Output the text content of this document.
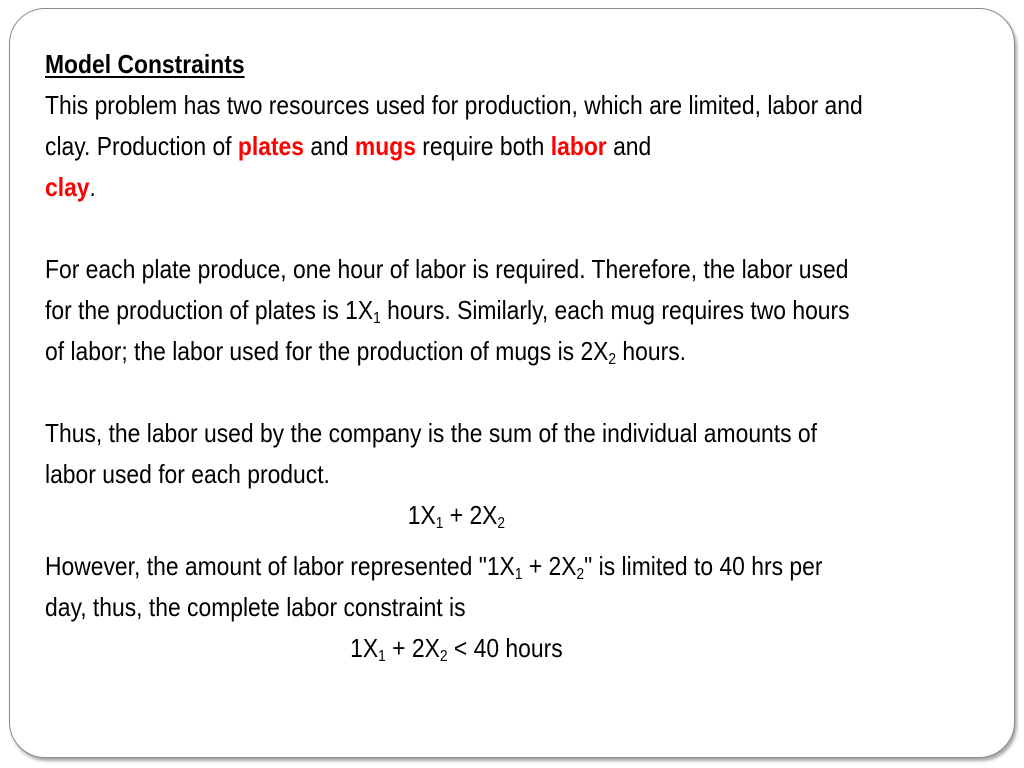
Model Constraints

This problem has two resources used for production, which are limited, labor and clay. Production of plates and mugs require both labor and
clay.

For each plate produce, one hour of labor is required. Therefore, the labor used for the production of plates is $1X_1$ hours. Similarly, each mug requires two hours of labor; the labor used for the production of mugs is $2X_2$ hours.

Thus, the labor used by the company is the sum of the individual amounts of labor used for each product.

$1X_1 + 2X_2$

However, the amount of labor represented "$1X_1 + 2X_2$" is limited to 40 hrs per day, thus, the complete labor constraint is

$1X_1 + 2X_2 < 40$ hours
